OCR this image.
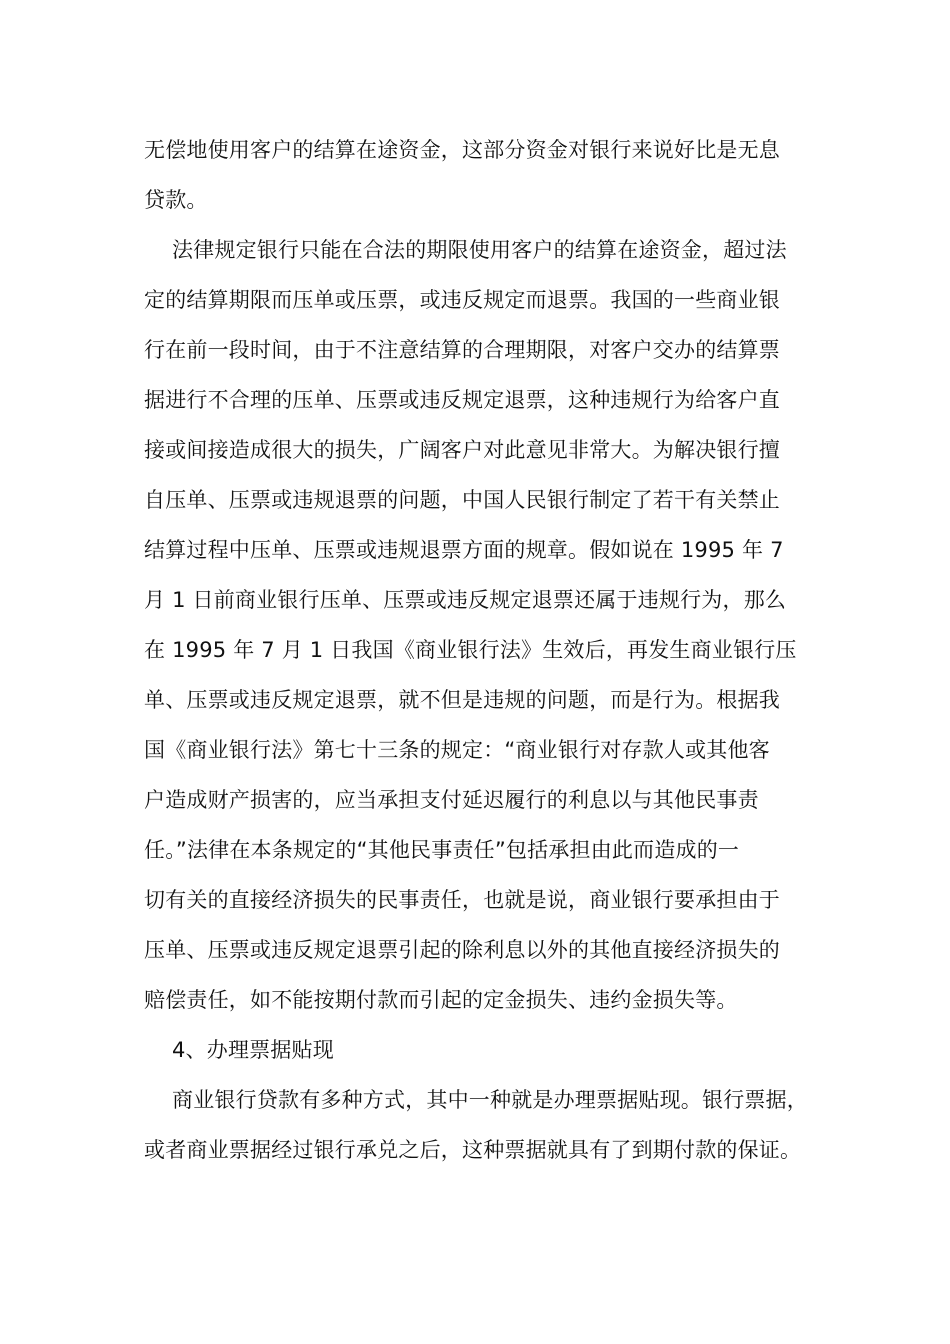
无偿地使用客户的结算在途资金，这部分资金对银行来说好比是无息
贷款。
法律规定银行只能在合法的期限使用客户的结算在途资金，超过法
定的结算期限而压单或压票，或违反规定而退票。我国的一些商业银
行在前一段时间，由于不注意结算的合理期限，对客户交办的结算票
据进行不合理的压单、压票或违反规定退票，这种违规行为给客户直
接或间接造成很大的损失，广阔客户对此意见非常大。为解决银行擅
自压单、压票或违规退票的问题，中国人民银行制定了若干有关禁止
结算过程中压单、压票或违规退票方面的规章。假如说在 1995 年 7
月 1 日前商业银行压单、压票或违反规定退票还属于违规行为，那么
在 1995 年 7 月 1 日我国《商业银行法》生效后，再发生商业银行压
单、压票或违反规定退票，就不但是违规的问题，而是行为。根据我
国《商业银行法》第七十三条的规定：“商业银行对存款人或其他客
户造成财产损害的，应当承担支付延迟履行的利息以与其他民事责
任。”法律在本条规定的“其他民事责任”包括承担由此而造成的一
切有关的直接经济损失的民事责任，也就是说，商业银行要承担由于
压单、压票或违反规定退票引起的除利息以外的其他直接经济损失的
赔偿责任，如不能按期付款而引起的定金损失、违约金损失等。
4、办理票据贴现
商业银行贷款有多种方式，其中一种就是办理票据贴现。银行票据，
或者商业票据经过银行承兑之后，这种票据就具有了到期付款的保证。
